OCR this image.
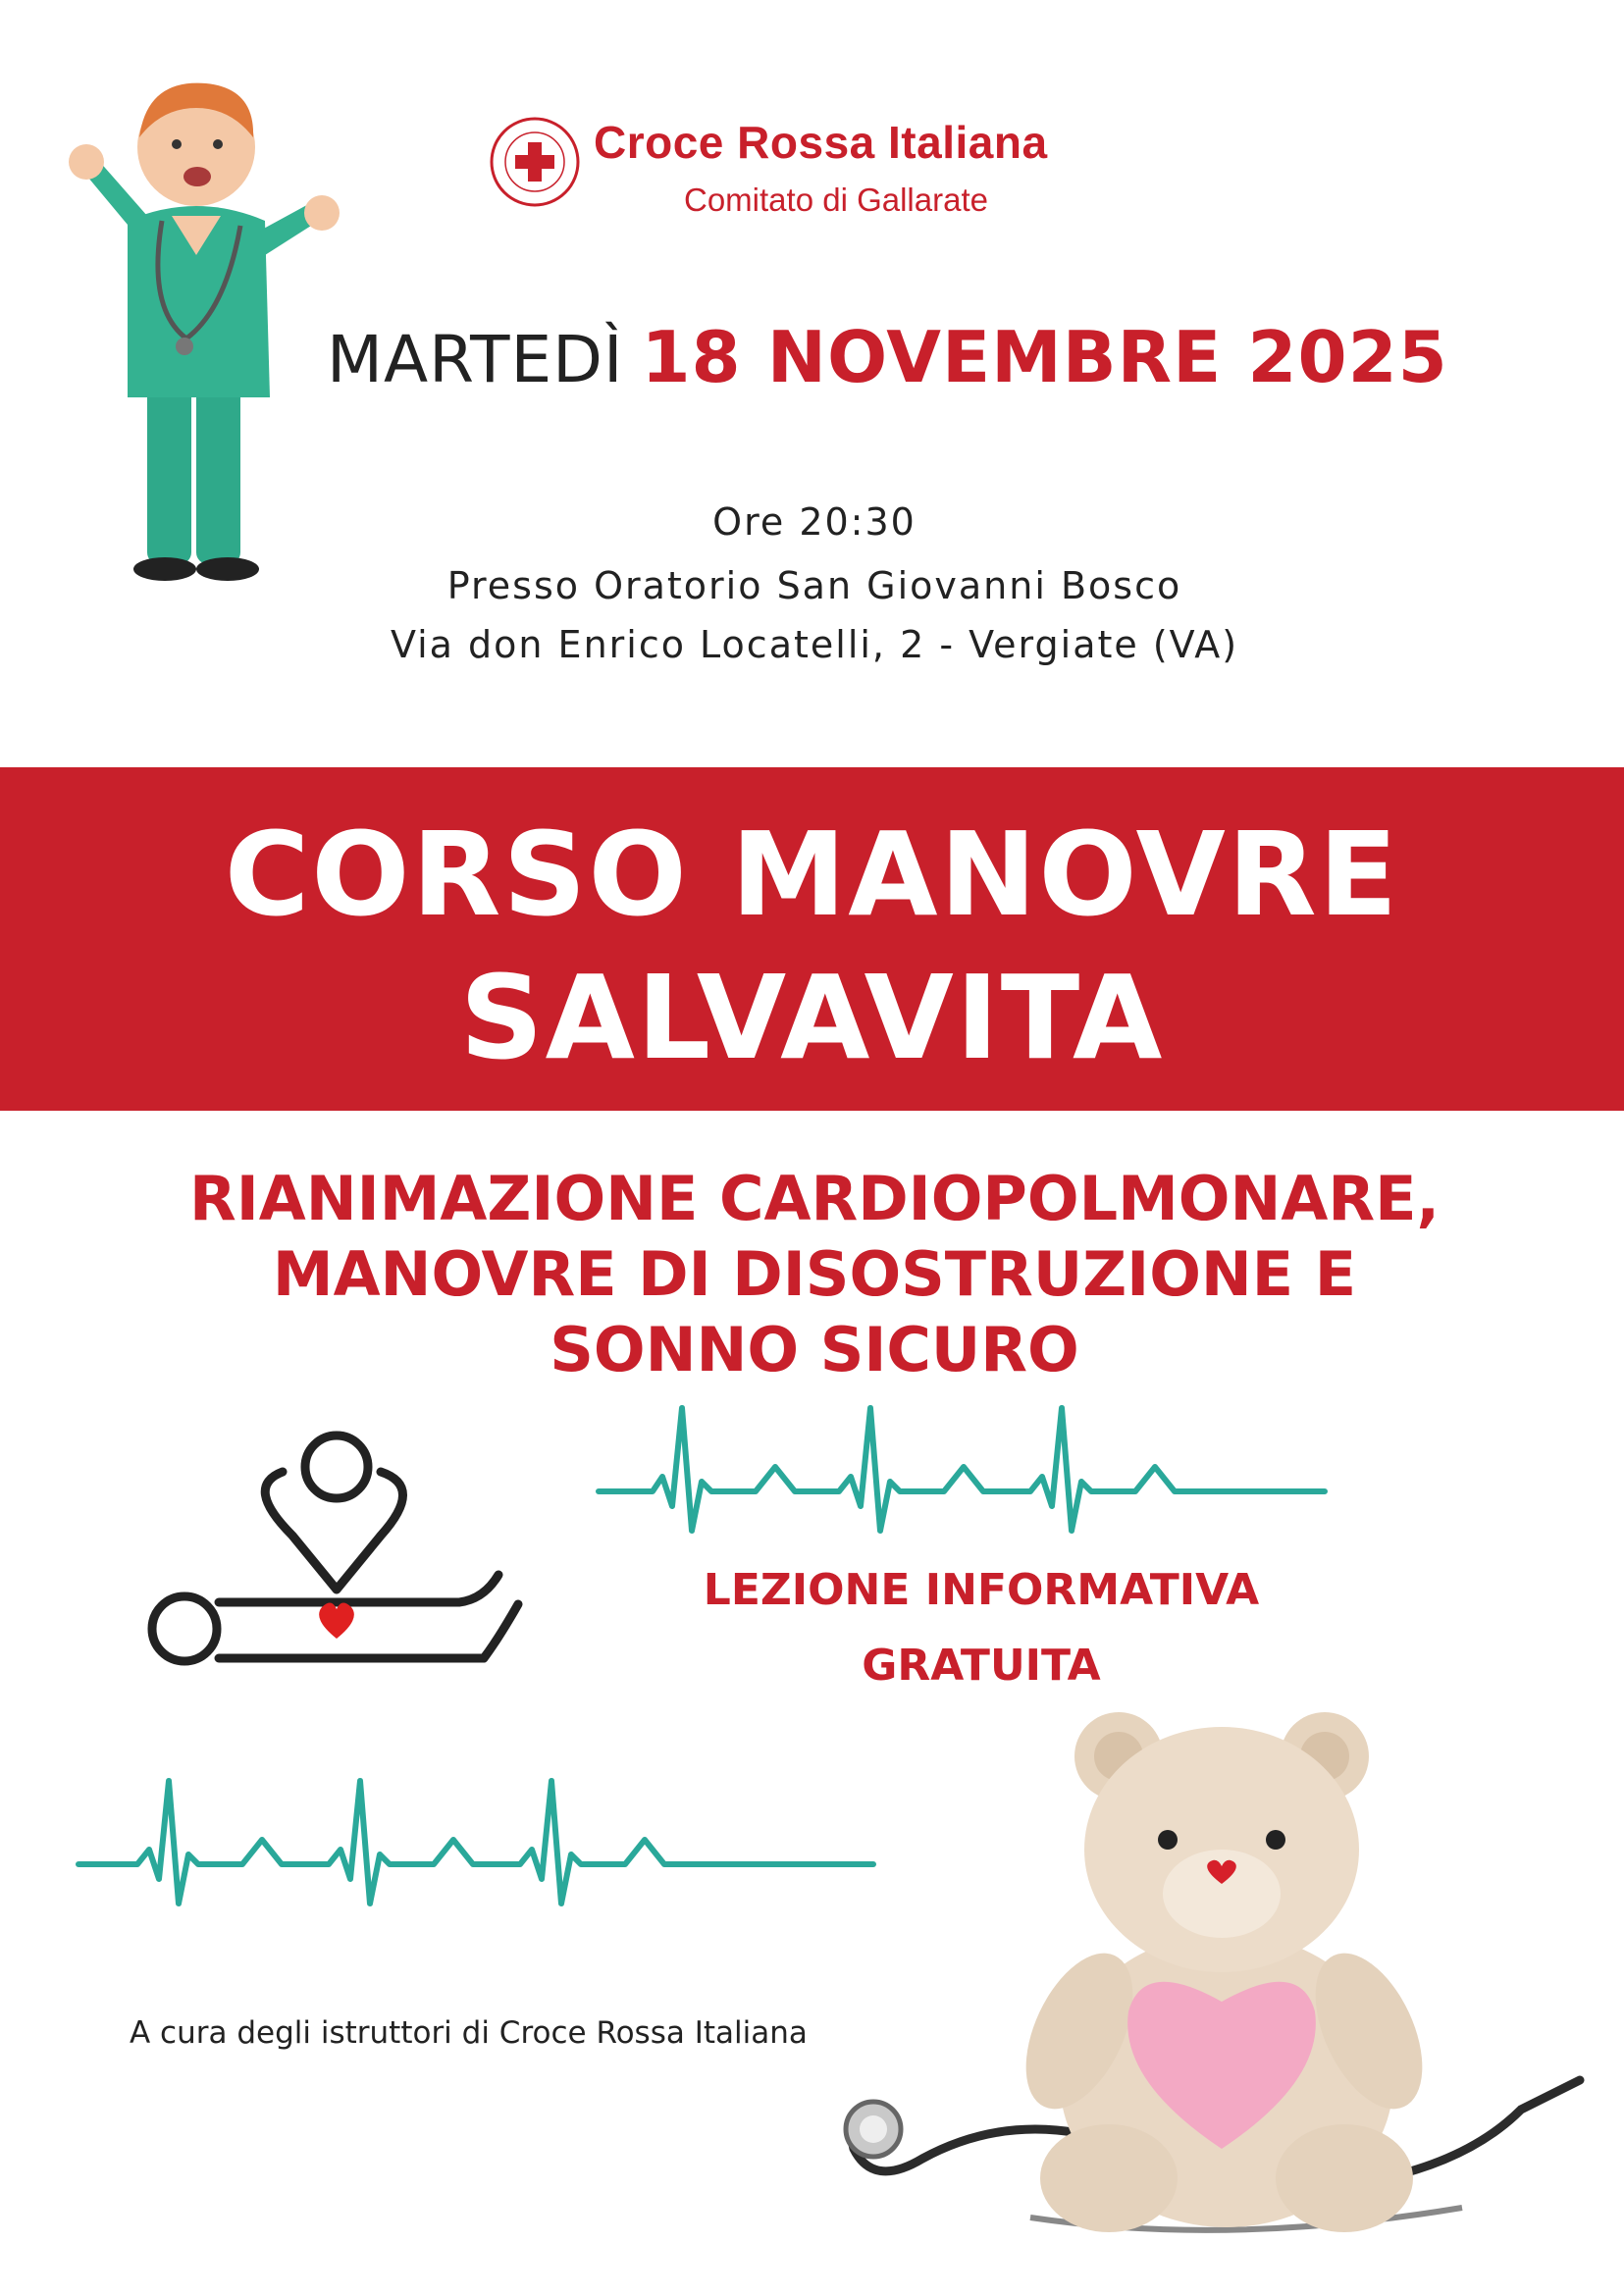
Croce Rossa Italiana
Comitato di Gallarate
MARTEDÌ 18 NOVEMBRE 2025
Ore 20:30
Presso Oratorio San Giovanni Bosco
Via don Enrico Locatelli, 2 - Vergiate (VA)
CORSO MANOVRE
SALVAVITA
RIANIMAZIONE CARDIOPOLMONARE,
MANOVRE DI DISOSTRUZIONE E
SONNO SICURO
LEZIONE INFORMATIVA
GRATUITA
A cura degli istruttori di Croce Rossa Italiana
